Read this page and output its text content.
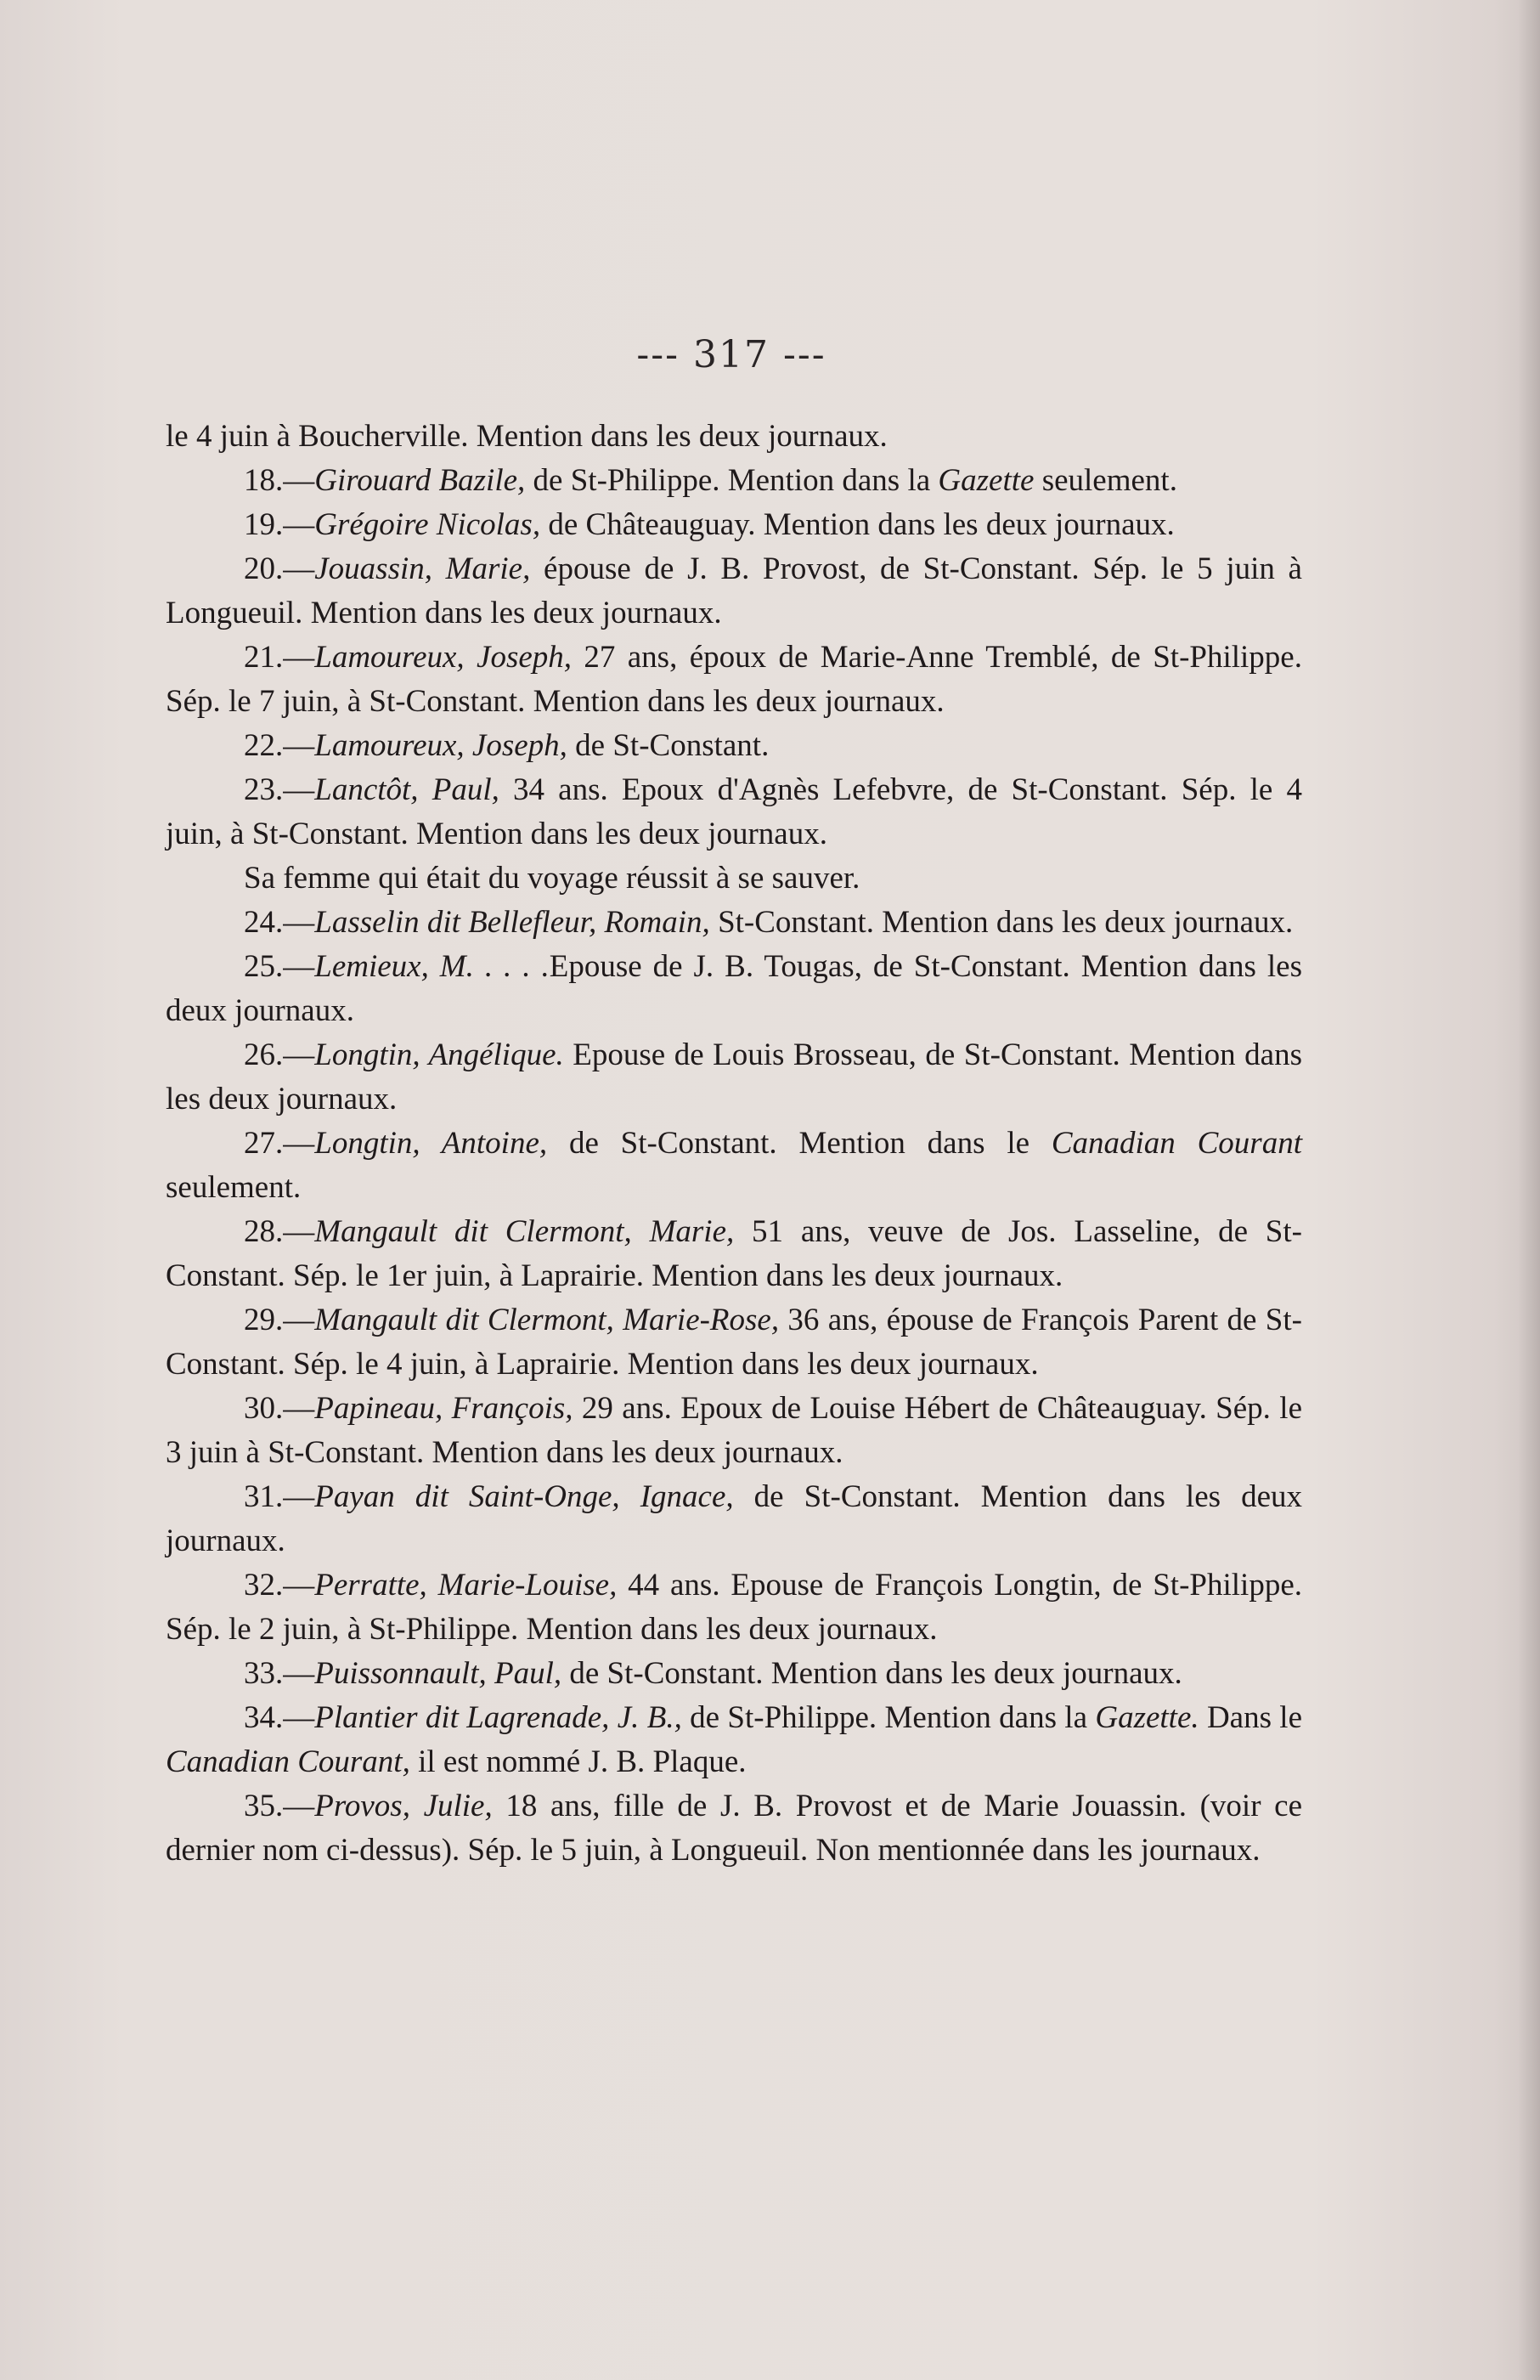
--- 317 ---

le 4 juin à Boucherville. Mention dans les deux journaux.

18.—Girouard Bazile, de St-Philippe. Mention dans la Gazette seulement.

19.—Grégoire Nicolas, de Châteauguay. Mention dans les deux journaux.

20.—Jouassin, Marie, épouse de J. B. Provost, de St-Constant. Sép. le 5 juin à Longueuil. Mention dans les deux journaux.

21.—Lamoureux, Joseph, 27 ans, époux de Marie-Anne Tremblé, de St-Philippe. Sép. le 7 juin, à St-Constant. Mention dans les deux journaux.

22.—Lamoureux, Joseph, de St-Constant.

23.—Lanctôt, Paul, 34 ans. Epoux d'Agnès Lefebvre, de St-Constant. Sép. le 4 juin, à St-Constant. Mention dans les deux journaux.

Sa femme qui était du voyage réussit à se sauver.

24.—Lasselin dit Bellefleur, Romain, St-Constant. Mention dans les deux journaux.

25.—Lemieux, M. . . . .Epouse de J. B. Tougas, de St-Constant. Mention dans les deux journaux.

26.—Longtin, Angélique. Epouse de Louis Brosseau, de St-Constant. Mention dans les deux journaux.

27.—Longtin, Antoine, de St-Constant. Mention dans le Canadian Courant seulement.

28.—Mangault dit Clermont, Marie, 51 ans, veuve de Jos. Lasseline, de St-Constant. Sép. le 1er juin, à Laprairie. Mention dans les deux journaux.

29.—Mangault dit Clermont, Marie-Rose, 36 ans, épouse de François Parent de St-Constant. Sép. le 4 juin, à Laprairie. Mention dans les deux journaux.

30.—Papineau, François, 29 ans. Epoux de Louise Hébert de Châteauguay. Sép. le 3 juin à St-Constant. Mention dans les deux journaux.

31.—Payan dit Saint-Onge, Ignace, de St-Constant. Mention dans les deux journaux.

32.—Perratte, Marie-Louise, 44 ans. Epouse de François Longtin, de St-Philippe. Sép. le 2 juin, à St-Philippe. Mention dans les deux journaux.

33.—Puissonnault, Paul, de St-Constant. Mention dans les deux journaux.

34.—Plantier dit Lagrenade, J. B., de St-Philippe. Mention dans la Gazette. Dans le Canadian Courant, il est nommé J. B. Plaque.

35.—Provos, Julie, 18 ans, fille de J. B. Provost et de Marie Jouassin. (voir ce dernier nom ci-dessus). Sép. le 5 juin, à Longueuil. Non mentionnée dans les journaux.
